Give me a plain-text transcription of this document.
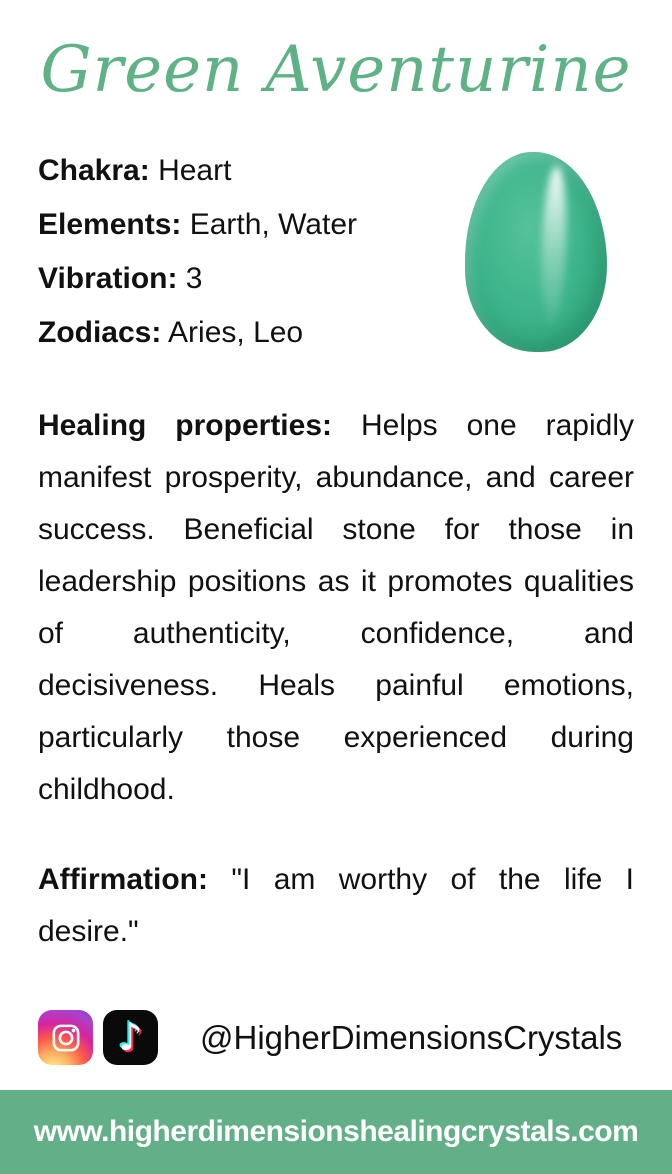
Green Aventurine
Chakra: Heart
Elements: Earth, Water
Vibration: 3
Zodiacs: Aries, Leo

Healing properties: Helps one rapidly manifest prosperity, abundance, and career success. Beneficial stone for those in leadership positions as it promotes qualities of authenticity, confidence, and decisiveness. Heals painful emotions, particularly those experienced during childhood.

Affirmation: "I am worthy of the life I desire."

♪ @HigherDimensionsCrystals
www.higherdimensionshealingcrystals.com
